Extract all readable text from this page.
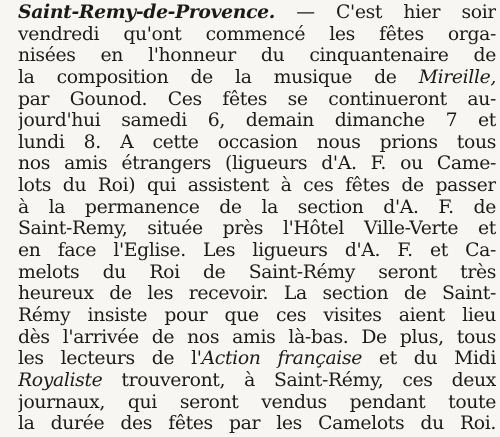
Saint-Remy-de-Provence. — C'est hier soir
vendredi qu'ont commencé les fêtes orga-
nisées en l'honneur du cinquantenaire de
la composition de la musique de Mireille,
par Gounod. Ces fêtes se continueront au-
jourd'hui samedi 6, demain dimanche 7 et
lundi 8. A cette occasion nous prions tous
nos amis étrangers (ligueurs d'A. F. ou Came-
lots du Roi) qui assistent à ces fêtes de passer
à la permanence de la section d'A. F. de
Saint-Remy, située près l'Hôtel Ville-Verte et
en face l'Eglise. Les ligueurs d'A. F. et Ca-
melots du Roi de Saint-Rémy seront très
heureux de les recevoir. La section de Saint-
Rémy insiste pour que ces visites aient lieu
dès l'arrivée de nos amis là-bas. De plus, tous
les lecteurs de l'Action française et du Midi
Royaliste trouveront, à Saint-Rémy, ces deux
journaux, qui seront vendus pendant toute
la durée des fêtes par les Camelots du Roi.
